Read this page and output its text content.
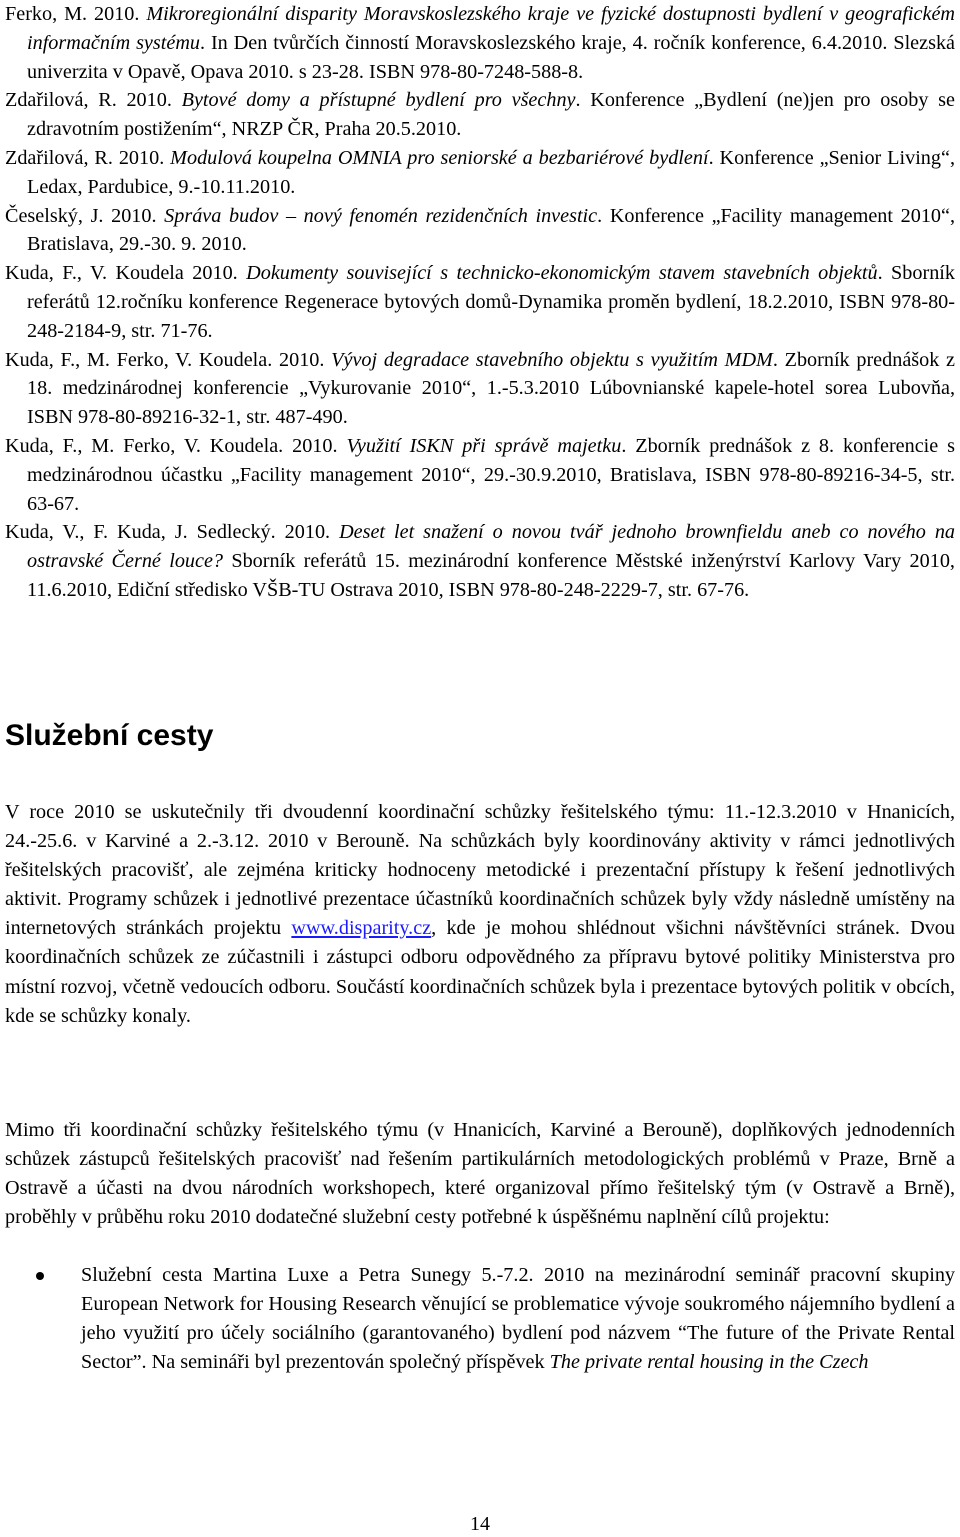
Ferko, M. 2010. Mikroregionální disparity Moravskoslezského kraje ve fyzické dostupnosti bydlení v geografickém informačním systému. In Den tvůrčích činností Moravskoslezského kraje, 4. ročník konference, 6.4.2010. Slezská univerzita v Opavě, Opava 2010. s 23-28. ISBN 978-80-7248-588-8.

Zdařilová, R. 2010. Bytové domy a přístupné bydlení pro všechny. Konference „Bydlení (ne)jen pro osoby se zdravotním postižením“, NRZP ČR, Praha 20.5.2010.

Zdařilová, R. 2010. Modulová koupelna OMNIA pro seniorské a bezbariérové bydlení. Konference „Senior Living“, Ledax, Pardubice, 9.-10.11.2010.

Česelský, J. 2010. Správa budov – nový fenomén rezidenčních investic. Konference „Facility management 2010“, Bratislava, 29.-30. 9. 2010.

Kuda, F., V. Koudela 2010. Dokumenty související s technicko-ekonomickým stavem stavebních objektů. Sborník referátů 12.ročníku konference Regenerace bytových domů-Dynamika proměn bydlení, 18.2.2010, ISBN 978-80-248-2184-9, str. 71-76.

Kuda, F., M. Ferko, V. Koudela. 2010. Vývoj degradace stavebního objektu s využitím MDM. Zborník prednášok z 18. medzinárodnej konferencie „Vykurovanie 2010“, 1.-5.3.2010 Lúbovnianské kapele-hotel sorea Lubovňa, ISBN 978-80-89216-32-1, str. 487-490.

Kuda, F., M. Ferko, V. Koudela. 2010. Využití ISKN při správě majetku. Zborník prednášok z 8. konferencie s medzinárodnou účastku „Facility management 2010“, 29.-30.9.2010, Bratislava, ISBN 978-80-89216-34-5, str. 63-67.

Kuda, V., F. Kuda, J. Sedlecký. 2010. Deset let snažení o novou tvář jednoho brownfieldu aneb co nového na ostravské Černé louce? Sborník referátů 15. mezinárodní konference Městské inženýrství Karlovy Vary 2010, 11.6.2010, Ediční středisko VŠB-TU Ostrava 2010, ISBN 978-80-248-2229-7, str. 67-76.

Služební cesty

V roce 2010 se uskutečnily tři dvoudenní koordinační schůzky řešitelského týmu: 11.-12.3.2010 v Hnanicích, 24.-25.6. v Karviné a 2.-3.12. 2010 v Berouně. Na schůzkách byly koordinovány aktivity v rámci jednotlivých řešitelských pracovišť, ale zejména kriticky hodnoceny metodické i prezentační přístupy k řešení jednotlivých aktivit. Programy schůzek i jednotlivé prezentace účastníků koordinačních schůzek byly vždy následně umístěny na internetových stránkách projektu www.disparity.cz, kde je mohou shlédnout všichni návštěvníci stránek. Dvou koordinačních schůzek ze zúčastnili i zástupci odboru odpovědného za přípravu bytové politiky Ministerstva pro místní rozvoj, včetně vedoucích odboru. Součástí koordinačních schůzek byla i prezentace bytových politik v obcích, kde se schůzky konaly.

Mimo tři koordinační schůzky řešitelského týmu (v Hnanicích, Karviné a Berouně), doplňkových jednodenních schůzek zástupců řešitelských pracovišť nad řešením partikulárních metodologických problémů v Praze, Brně a Ostravě a účasti na dvou národních workshopech, které organizoval přímo řešitelský tým (v Ostravě a Brně), proběhly v průběhu roku 2010 dodatečné služební cesty potřebné k úspěšnému naplnění cílů projektu:

Služební cesta Martina Luxe a Petra Sunegy 5.-7.2. 2010 na mezinárodní seminář pracovní skupiny European Network for Housing Research věnující se problematice vývoje soukromého nájemního bydlení a jeho využití pro účely sociálního (garantovaného) bydlení pod názvem “The future of the Private Rental Sector”. Na semináři byl prezentován společný příspěvek The private rental housing in the Czech
14
